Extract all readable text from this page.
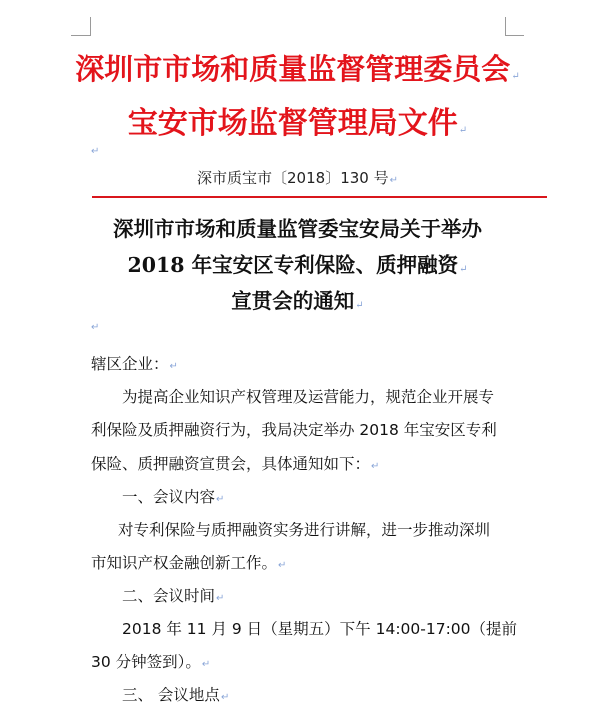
深圳市市场和质量监督管理委员会↵
宝安市场监督管理局文件↵
↵
深市质宝市〔2018〕130 号↵
深圳市市场和质量监管委宝安局关于举办
2018 年宝安区专利保险、质押融资↵
宣贯会的通知↵
↵
辖区企业：↵
为提高企业知识产权管理及运营能力，规范企业开展专
利保险及质押融资行为，我局决定举办 2018 年宝安区专利
保险、质押融资宣贯会，具体通知如下：↵
一、会议内容↵
对专利保险与质押融资实务进行讲解，进一步推动深圳
市知识产权金融创新工作。↵
二、会议时间↵
2018 年 11 月 9 日（星期五）下午 14:00-17:00（提前
30 分钟签到）。↵
三、 会议地点↵
